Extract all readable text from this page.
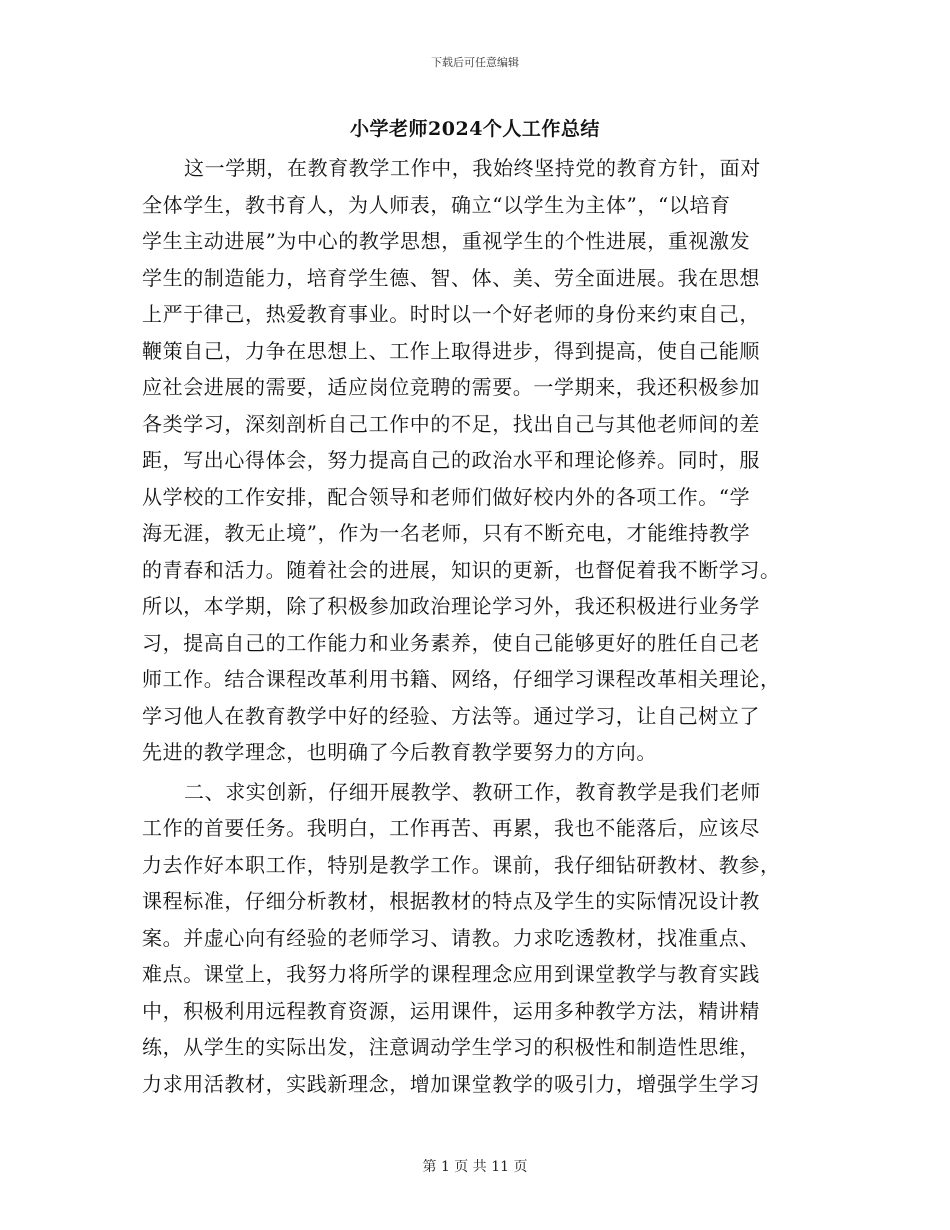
下载后可任意编辑
小学老师2024个人工作总结
这一学期，在教育教学工作中，我始终坚持党的教育方针，面对
全体学生，教书育人，为人师表，确立“以学生为主体”，“以培育
学生主动进展”为中心的教学思想，重视学生的个性进展，重视激发
学生的制造能力，培育学生德、智、体、美、劳全面进展。我在思想
上严于律己，热爱教育事业。时时以一个好老师的身份来约束自己，
鞭策自己，力争在思想上、工作上取得进步，得到提高，使自己能顺
应社会进展的需要，适应岗位竞聘的需要。一学期来，我还积极参加
各类学习，深刻剖析自己工作中的不足，找出自己与其他老师间的差
距，写出心得体会，努力提高自己的政治水平和理论修养。同时，服
从学校的工作安排，配合领导和老师们做好校内外的各项工作。“学
海无涯，教无止境”，作为一名老师，只有不断充电，才能维持教学
的青春和活力。随着社会的进展，知识的更新，也督促着我不断学习。
所以，本学期，除了积极参加政治理论学习外，我还积极进行业务学
习，提高自己的工作能力和业务素养，使自己能够更好的胜任自己老
师工作。结合课程改革利用书籍、网络，仔细学习课程改革相关理论，
学习他人在教育教学中好的经验、方法等。通过学习，让自己树立了
先进的教学理念，也明确了今后教育教学要努力的方向。
二、求实创新，仔细开展教学、教研工作，教育教学是我们老师
工作的首要任务。我明白，工作再苦、再累，我也不能落后，应该尽
力去作好本职工作，特别是教学工作。课前，我仔细钻研教材、教参，
课程标准，仔细分析教材，根据教材的特点及学生的实际情况设计教
案。并虚心向有经验的老师学习、请教。力求吃透教材，找准重点、
难点。课堂上，我努力将所学的课程理念应用到课堂教学与教育实践
中，积极利用远程教育资源，运用课件，运用多种教学方法，精讲精
练，从学生的实际出发，注意调动学生学习的积极性和制造性思维，
力求用活教材，实践新理念，增加课堂教学的吸引力，增强学生学习
第 1 页 共 11 页
